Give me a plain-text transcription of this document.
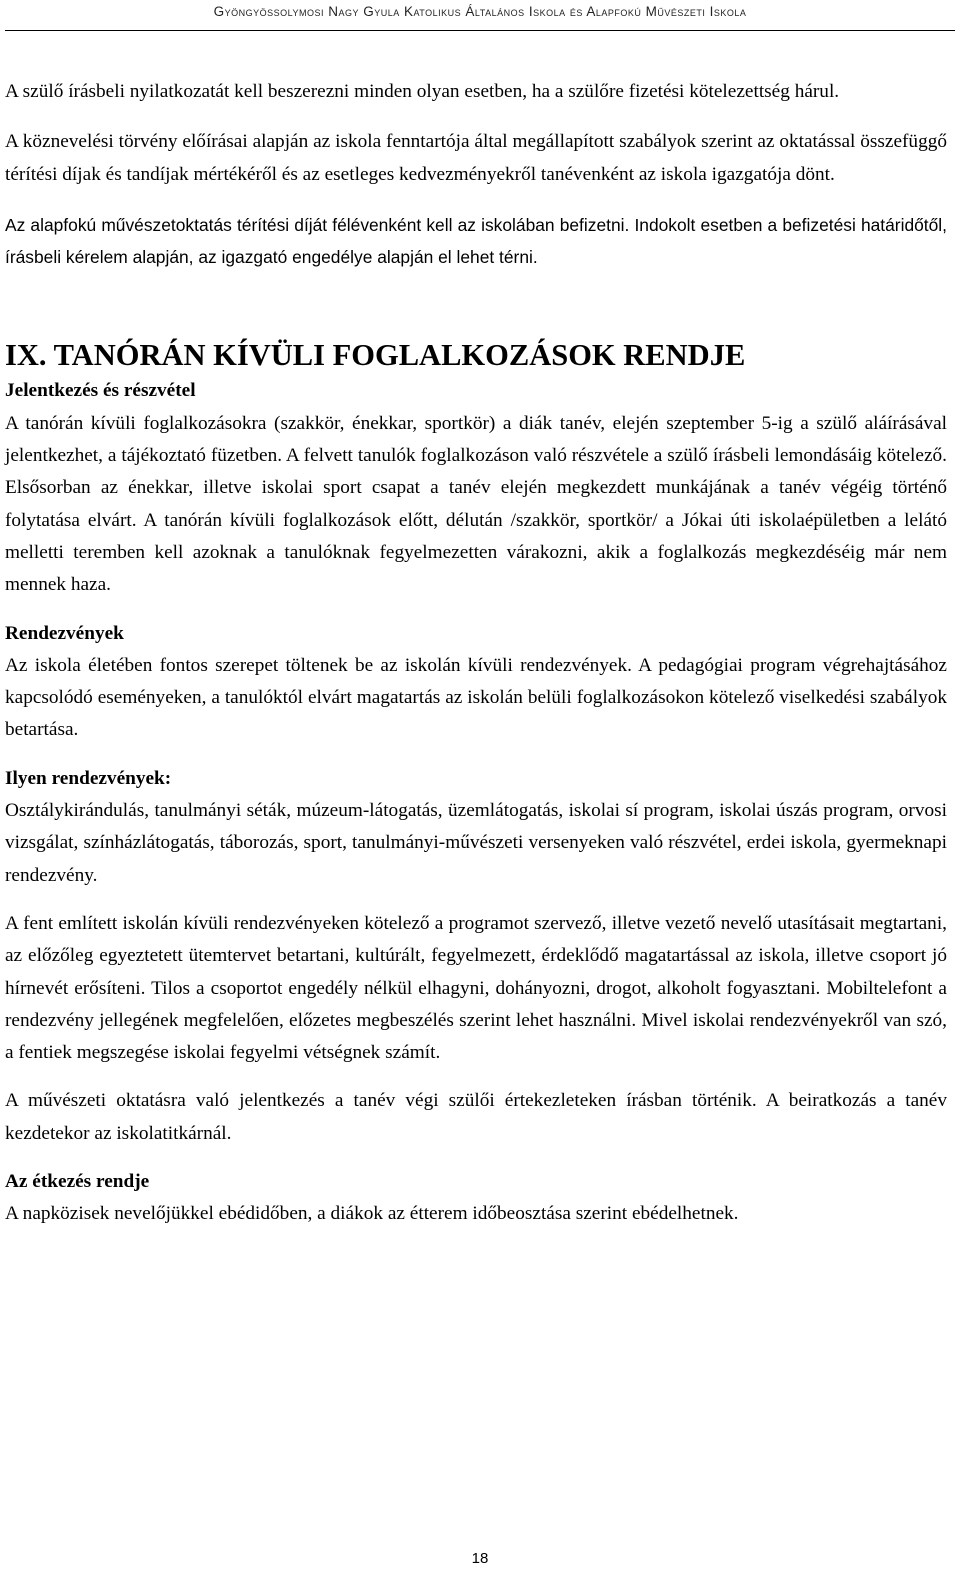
Gyöngyössolymosi Nagy Gyula Katolikus Általános Iskola és Alapfokú Művészeti Iskola

A szülő írásbeli nyilatkozatát kell beszerezni minden olyan esetben, ha a szülőre fizetési kötelezettség hárul.

A köznevelési törvény előírásai alapján az iskola fenntartója által megállapított szabályok szerint az oktatással összefüggő térítési díjak és tandíjak mértékéről és az esetleges kedvezményekről tanévenként az iskola igazgatója dönt.

Az alapfokú művészetoktatás térítési díját félévenként kell az iskolában befizetni. Indokolt esetben a befizetési határidőtől, írásbeli kérelem alapján, az igazgató engedélye alapján el lehet térni.

IX. TANÓRÁN KÍVÜLI FOGLALKOZÁSOK RENDJE
Jelentkezés és részvétel

A tanórán kívüli foglalkozásokra (szakkör, énekkar, sportkör) a diák tanév, elején szeptember 5-ig a szülő aláírásával jelentkezhet, a tájékoztató füzetben. A felvett tanulók foglalkozáson való részvétele a szülő írásbeli lemondásáig kötelező. Elsősorban az énekkar, illetve iskolai sport csapat a tanév elején megkezdett munkájának a tanév végéig történő folytatása elvárt. A tanórán kívüli foglalkozások előtt, délután /szakkör, sportkör/ a Jókai úti iskolaépületben a lelátó melletti teremben kell azoknak a tanulóknak fegyelmezetten várakozni, akik a foglalkozás megkezdéséig már nem mennek haza.

Rendezvények

Az iskola életében fontos szerepet töltenek be az iskolán kívüli rendezvények. A pedagógiai program végrehajtásához kapcsolódó eseményeken, a tanulóktól elvárt magatartás az iskolán belüli foglalkozásokon kötelező viselkedési szabályok betartása.

Ilyen rendezvények:

Osztálykirándulás, tanulmányi séták, múzeum-látogatás, üzemlátogatás, iskolai sí program, iskolai úszás program, orvosi vizsgálat, színházlátogatás, táborozás, sport, tanulmányi-művészeti versenyeken való részvétel, erdei iskola, gyermeknapi rendezvény.

A fent említett iskolán kívüli rendezvényeken kötelező a programot szervező, illetve vezető nevelő utasításait megtartani, az előzőleg egyeztetett ütemtervet betartani, kultúrált, fegyelmezett, érdeklődő magatartással az iskola, illetve csoport jó hírnevét erősíteni. Tilos a csoportot engedély nélkül elhagyni, dohányozni, drogot, alkoholt fogyasztani. Mobiltelefont a rendezvény jellegének megfelelően, előzetes megbeszélés szerint lehet használni. Mivel iskolai rendezvényekről van szó, a fentiek megszegése iskolai fegyelmi vétségnek számít.

A művészeti oktatásra való jelentkezés a tanév végi szülői értekezleteken írásban történik. A beiratkozás a tanév kezdetekor az iskolatitkárnál.

Az étkezés rendje

A napközisek nevelőjükkel ebédidőben, a diákok az étterem időbeosztása szerint ebédelhetnek.

18
